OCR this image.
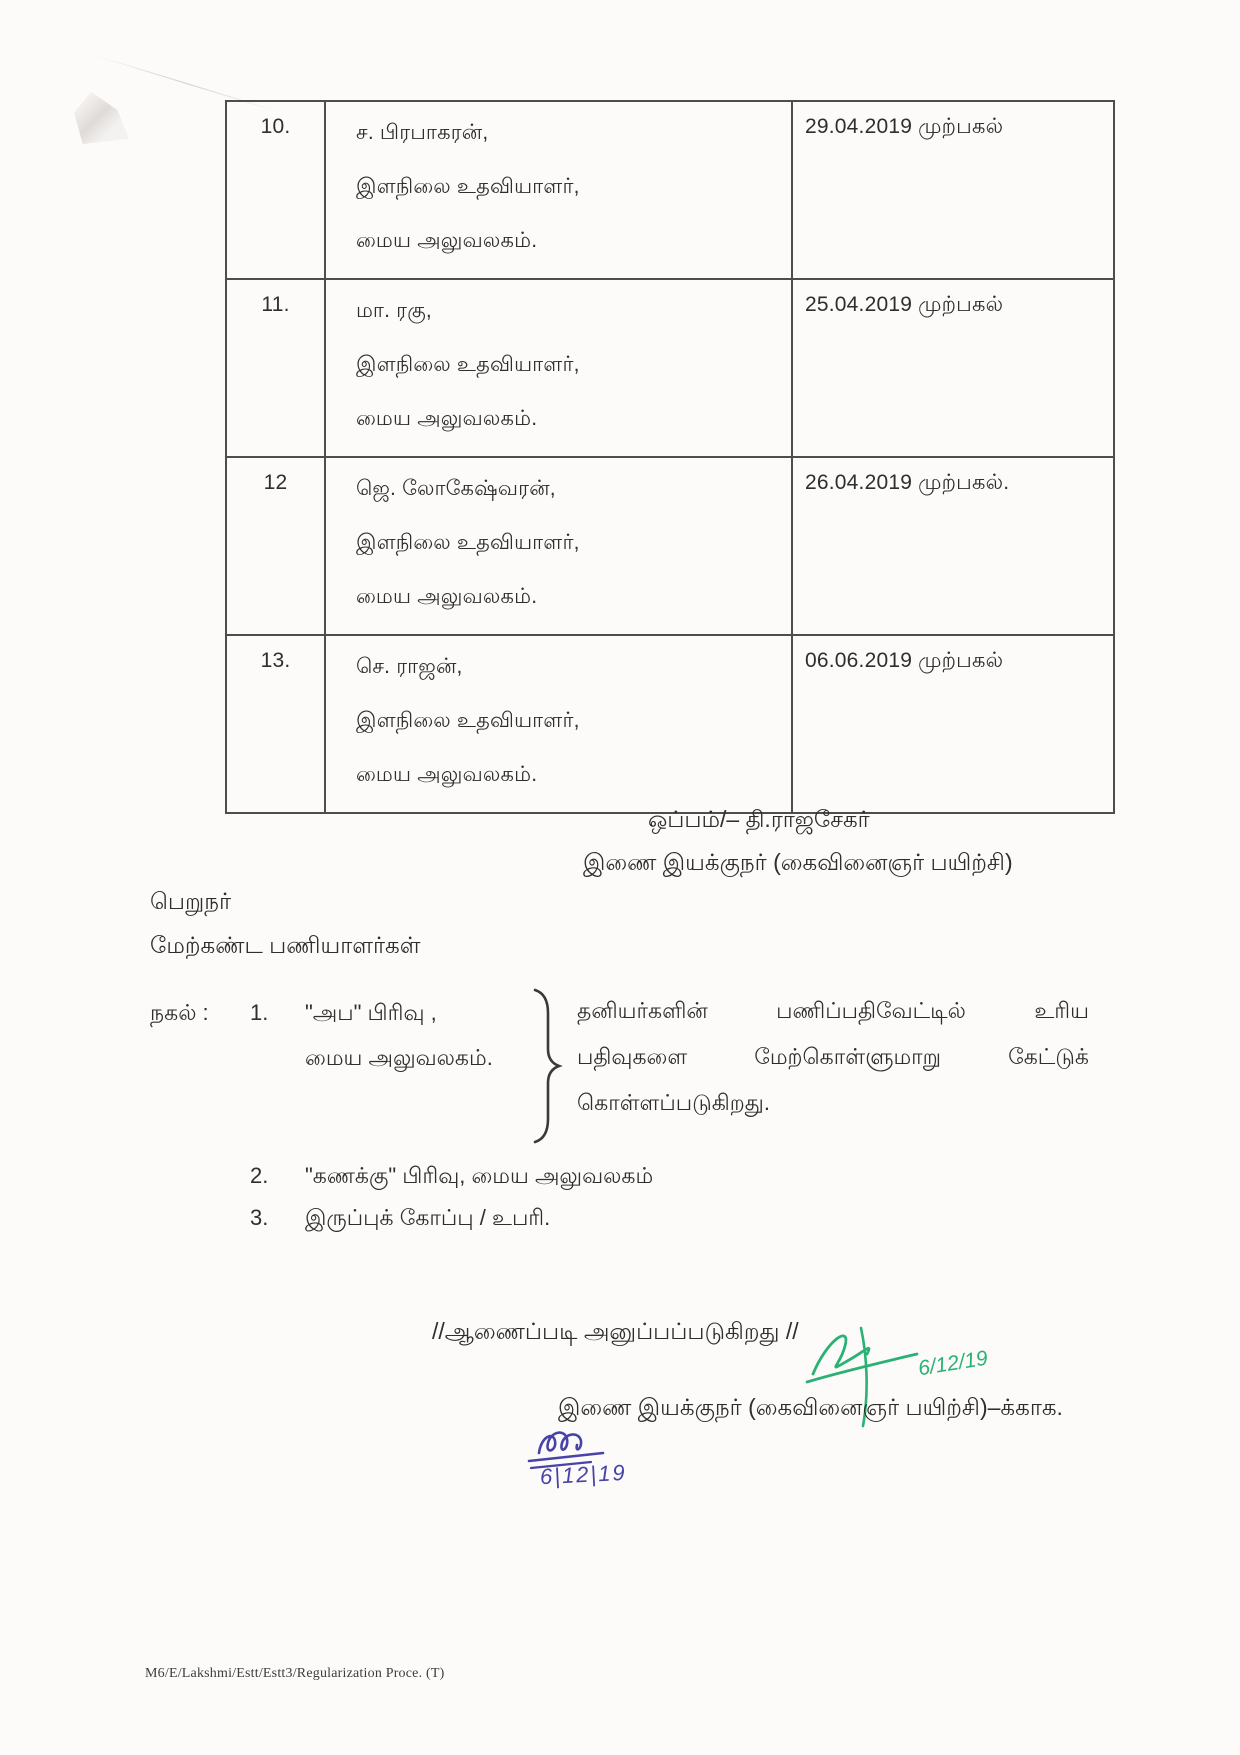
10.	ச. பிரபாகரன்,
இளநிலை உதவியாளர்,
மைய அலுவலகம்.	29.04.2019 முற்பகல்
11.	மா. ரகு,
இளநிலை உதவியாளர்,
மைய அலுவலகம்.	25.04.2019 முற்பகல்
12	ஜெ. லோகேஷ்வரன்,
இளநிலை உதவியாளர்,
மைய அலுவலகம்.	26.04.2019 முற்பகல்.
13.	செ. ராஜன்,
இளநிலை உதவியாளர்,
மைய அலுவலகம்.	06.06.2019 முற்பகல்
ஒப்பம்/– தி.ராஜசேகர்
இணை இயக்குநர் (கைவினைஞர் பயிற்சி)
பெறுநர்
மேற்கண்ட பணியாளர்கள்
நகல் : 1. "அப" பிரிவு ,
மைய அலுவலகம்.
தனியர்களின்	பணிப்பதிவேட்டில்	உரிய
பதிவுகளை	மேற்கொள்ளுமாறு	கேட்டுக்
கொள்ளப்படுகிறது.
2. "கணக்கு" பிரிவு, மைய அலுவலகம்
3. இருப்புக் கோப்பு / உபரி.
//ஆணைப்படி அனுப்பப்படுகிறது //
6/12/19
இணை இயக்குநர் (கைவினைஞர் பயிற்சி)–க்காக.
6|12|19
M6/E/Lakshmi/Estt/Estt3/Regularization Proce. (T)
